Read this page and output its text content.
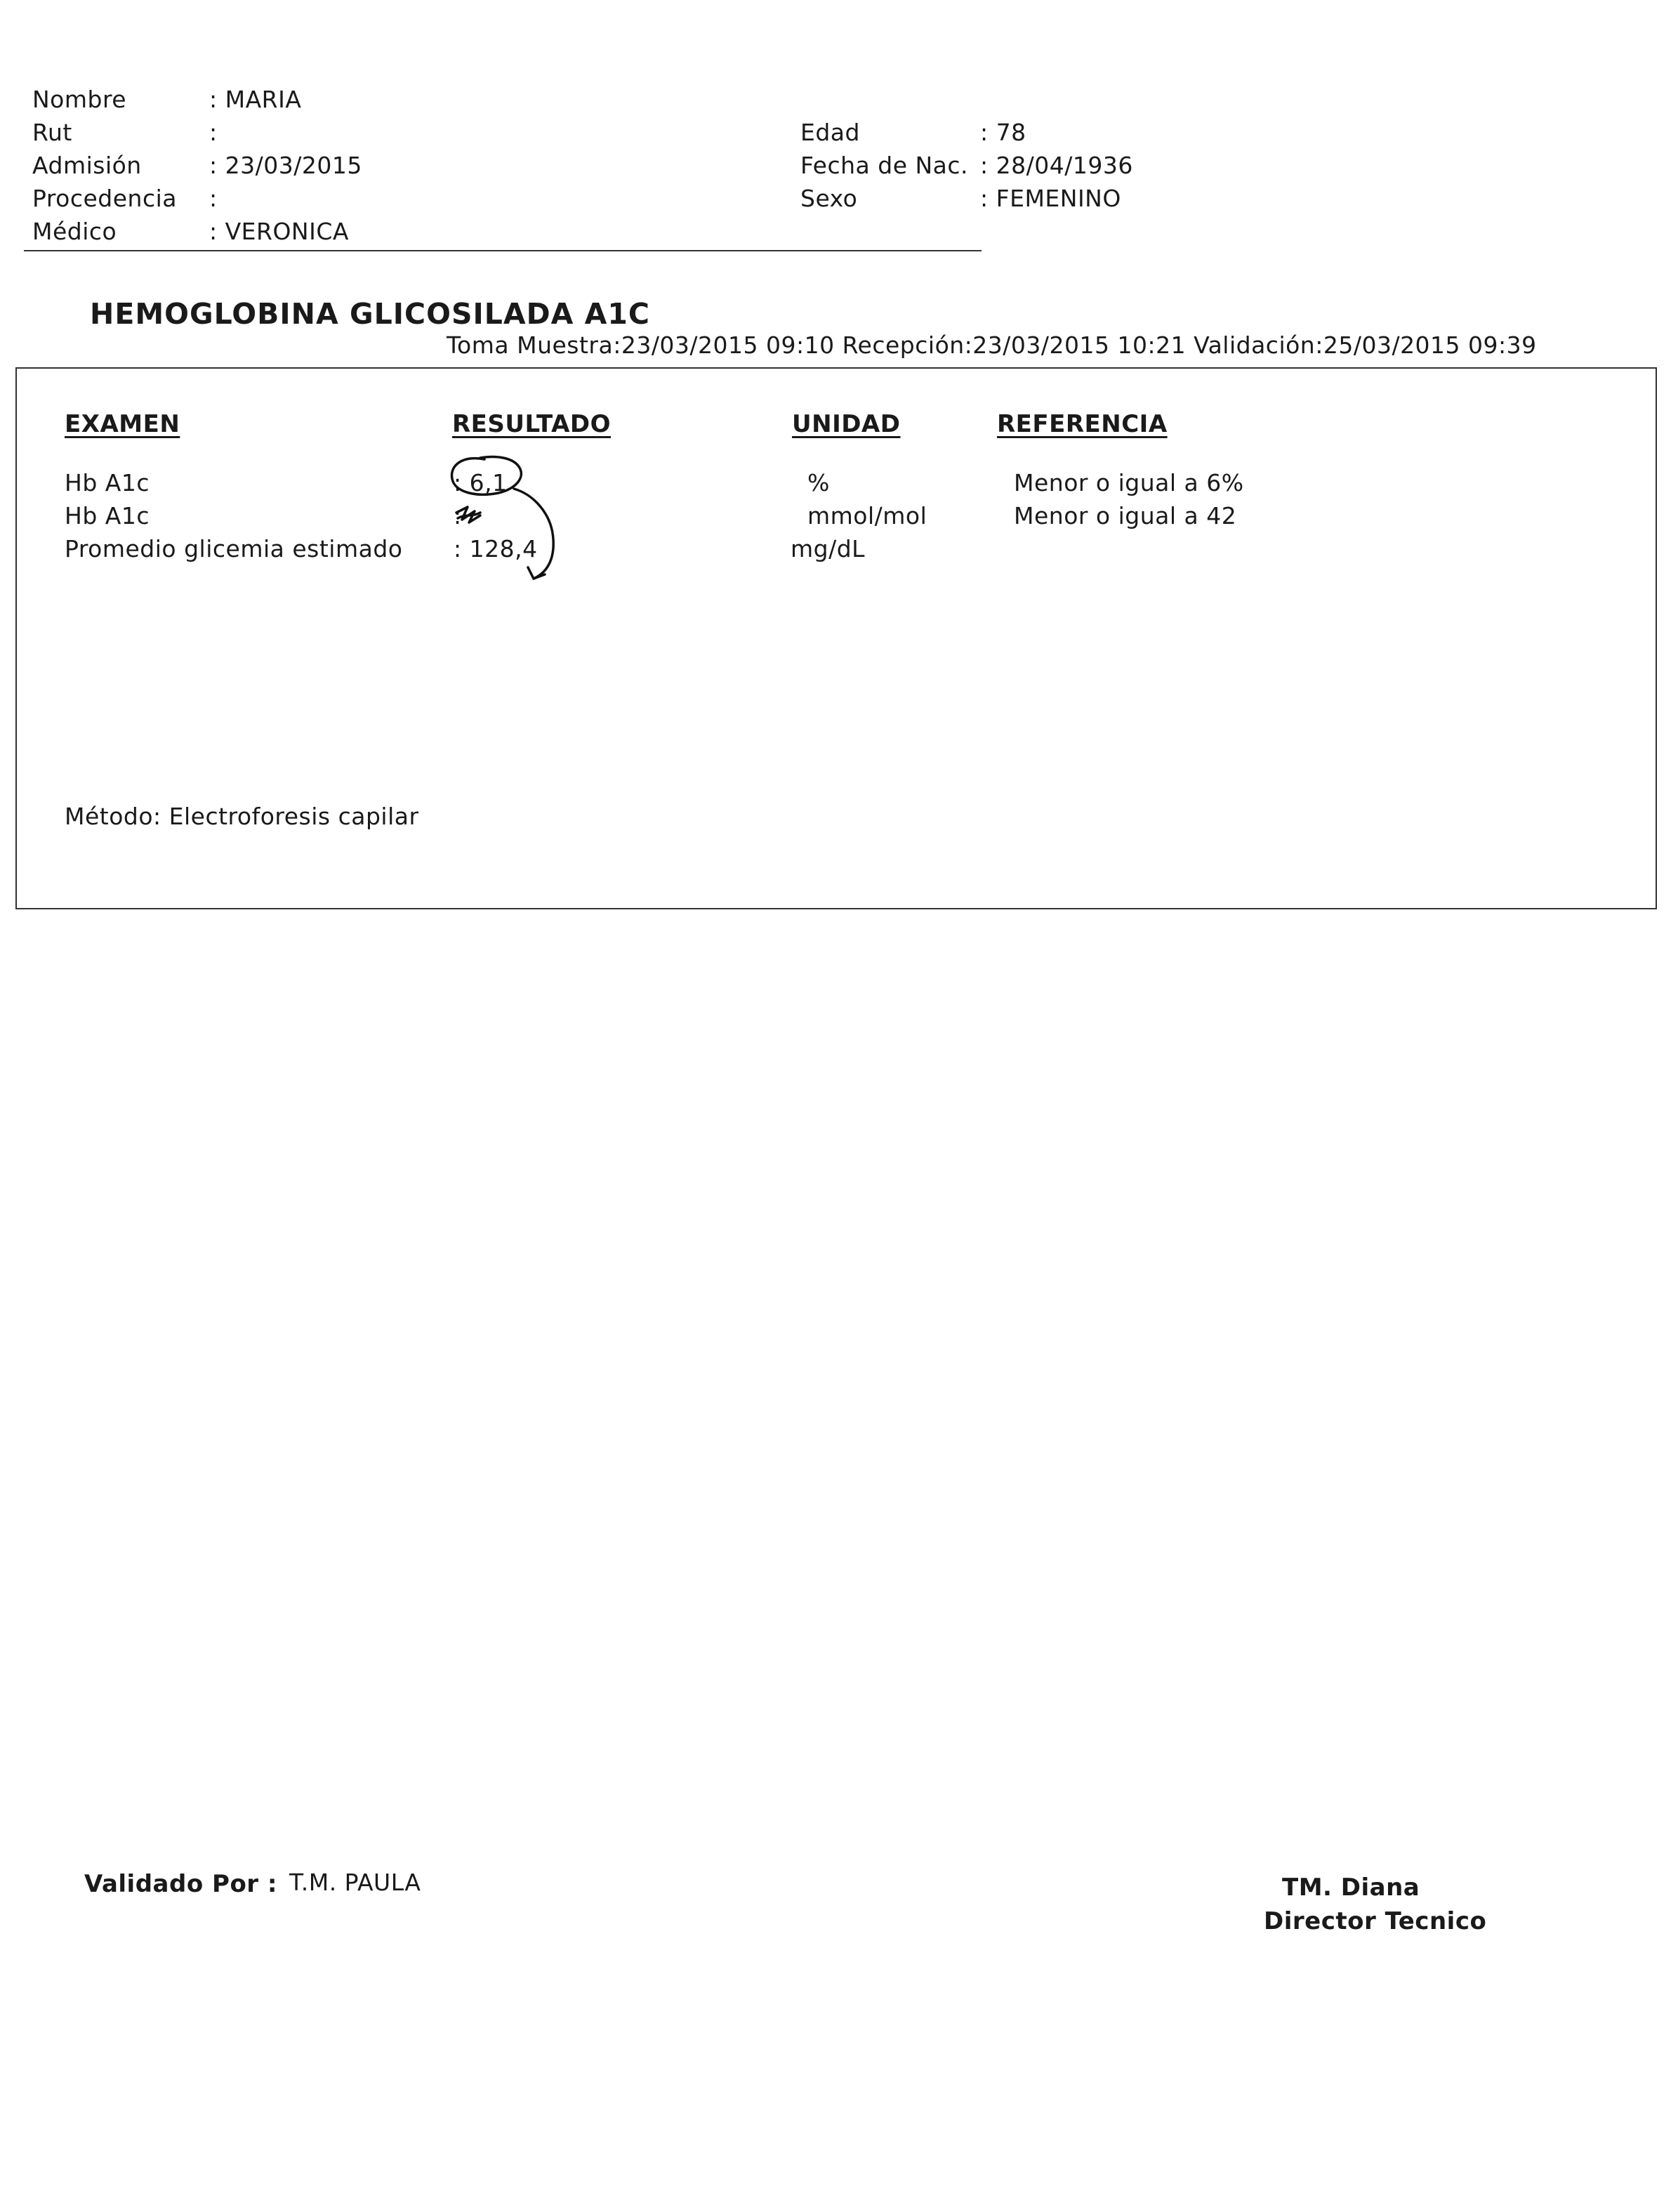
Nombre	: MARIA
Rut	:
Admisión	: 23/03/2015
Procedencia :
Médico	: VERONICA
Edad	: 78
Fecha de Nac. : 28/04/1936
Sexo	: FEMENINO
HEMOGLOBINA GLICOSILADA A1C
Toma Muestra:23/03/2015 09:10 Recepción:23/03/2015 10:21 Validación:25/03/2015 09:39
EXAMEN	RESULTADO	UNIDAD	REFERENCIA
Hb A1c	: 6,1	%	Menor o igual a 6%
Hb A1c	:	mmol/mol	Menor o igual a 42
Promedio glicemia estimado : 128,4	mg/dL
Método: Electroforesis capilar
Validado Por : T.M. PAULA	TM. Diana
Director Tecnico
